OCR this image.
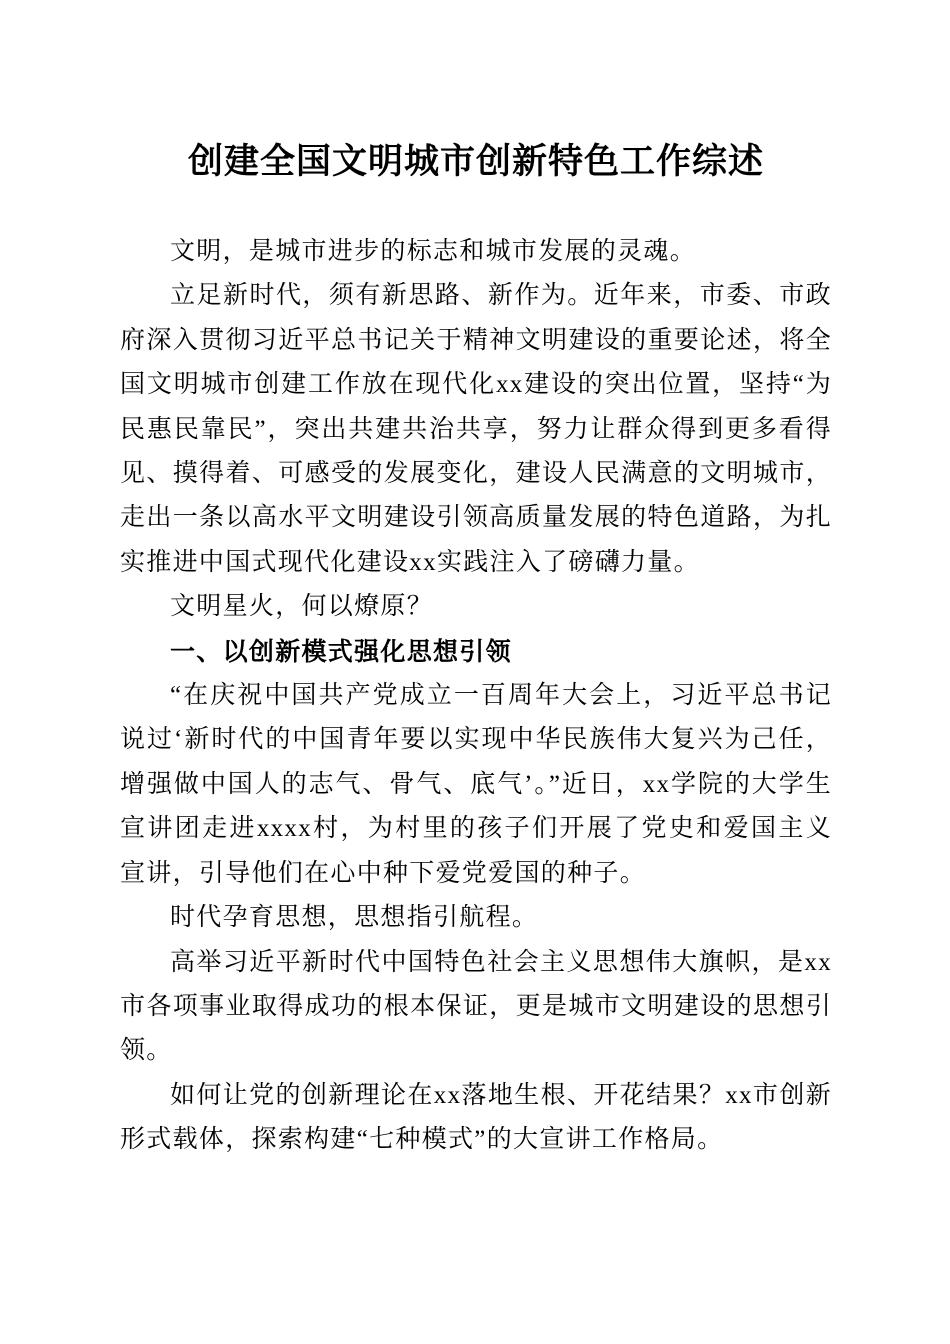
创建全国文明城市创新特色工作综述

文明，是城市进步的标志和城市发展的灵魂。

立足新时代，须有新思路、新作为。近年来，市委、市政府深入贯彻习近平总书记关于精神文明建设的重要论述，将全国文明城市创建工作放在现代化xx建设的突出位置，坚持“为民惠民靠民”，突出共建共治共享，努力让群众得到更多看得见、摸得着、可感受的发展变化，建设人民满意的文明城市，走出一条以高水平文明建设引领高质量发展的特色道路，为扎实推进中国式现代化建设xx实践注入了磅礴力量。

文明星火，何以燎原？

一、以创新模式强化思想引领

“在庆祝中国共产党成立一百周年大会上，习近平总书记说过‘新时代的中国青年要以实现中华民族伟大复兴为己任，增强做中国人的志气、骨气、底气’。”近日，xx学院的大学生宣讲团走进xxxx村，为村里的孩子们开展了党史和爱国主义宣讲，引导他们在心中种下爱党爱国的种子。

时代孕育思想，思想指引航程。

高举习近平新时代中国特色社会主义思想伟大旗帜，是xx市各项事业取得成功的根本保证，更是城市文明建设的思想引领。

如何让党的创新理论在xx落地生根、开花结果？xx市创新形式载体，探索构建“七种模式”的大宣讲工作格局。
